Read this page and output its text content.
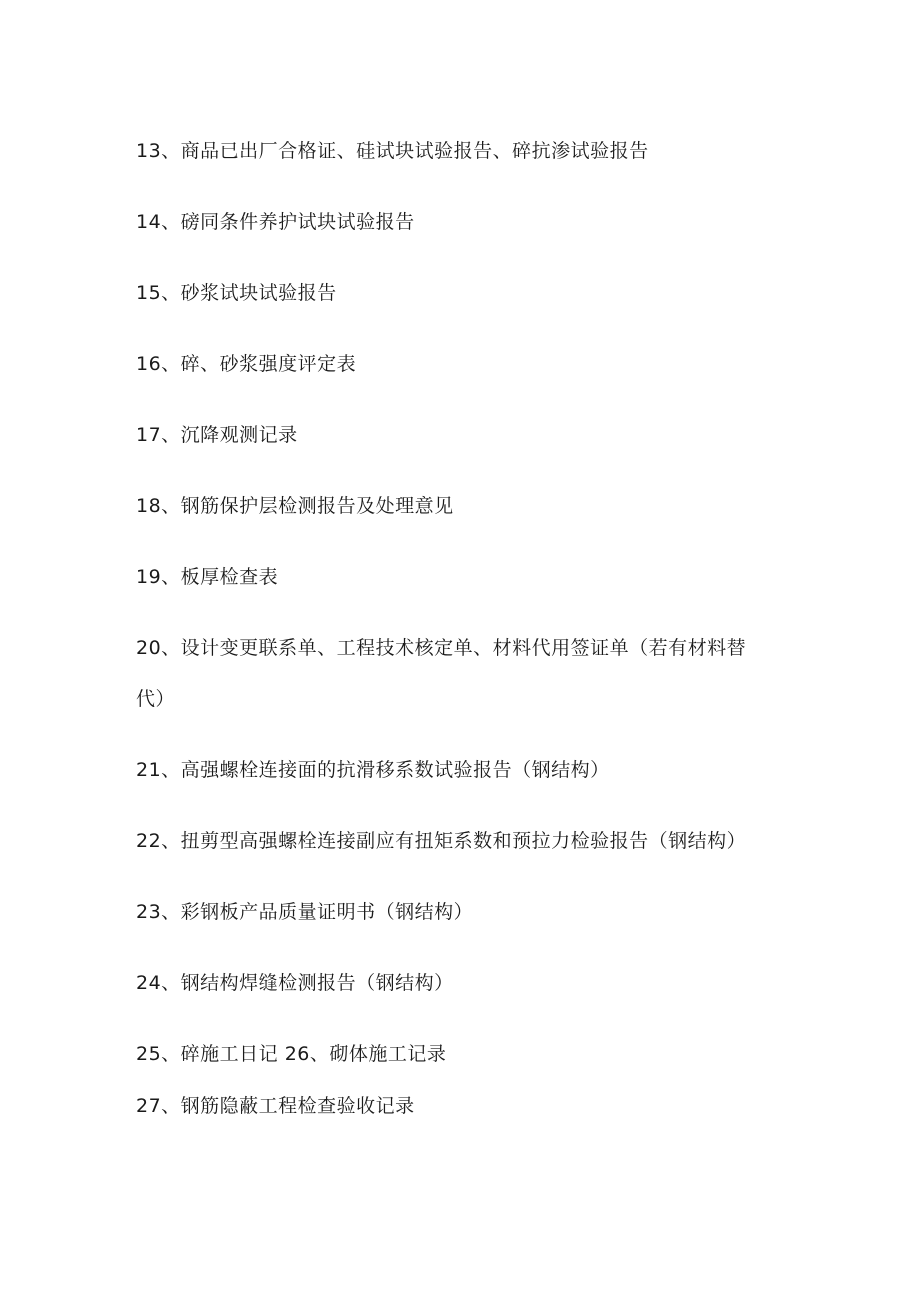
13、商品已出厂合格证、硅试块试验报告、碎抗渗试验报告
14、磅同条件养护试块试验报告
15、砂浆试块试验报告
16、碎、砂浆强度评定表
17、沉降观测记录
18、钢筋保护层检测报告及处理意见
19、板厚检查表
20、设计变更联系单、工程技术核定单、材料代用签证单（若有材料替
代）
21、高强螺栓连接面的抗滑移系数试验报告（钢结构）
22、扭剪型高强螺栓连接副应有扭矩系数和预拉力检验报告（钢结构）
23、彩钢板产品质量证明书（钢结构）
24、钢结构焊缝检测报告（钢结构）
25、碎施工日记 26、砌体施工记录
27、钢筋隐蔽工程检查验收记录
